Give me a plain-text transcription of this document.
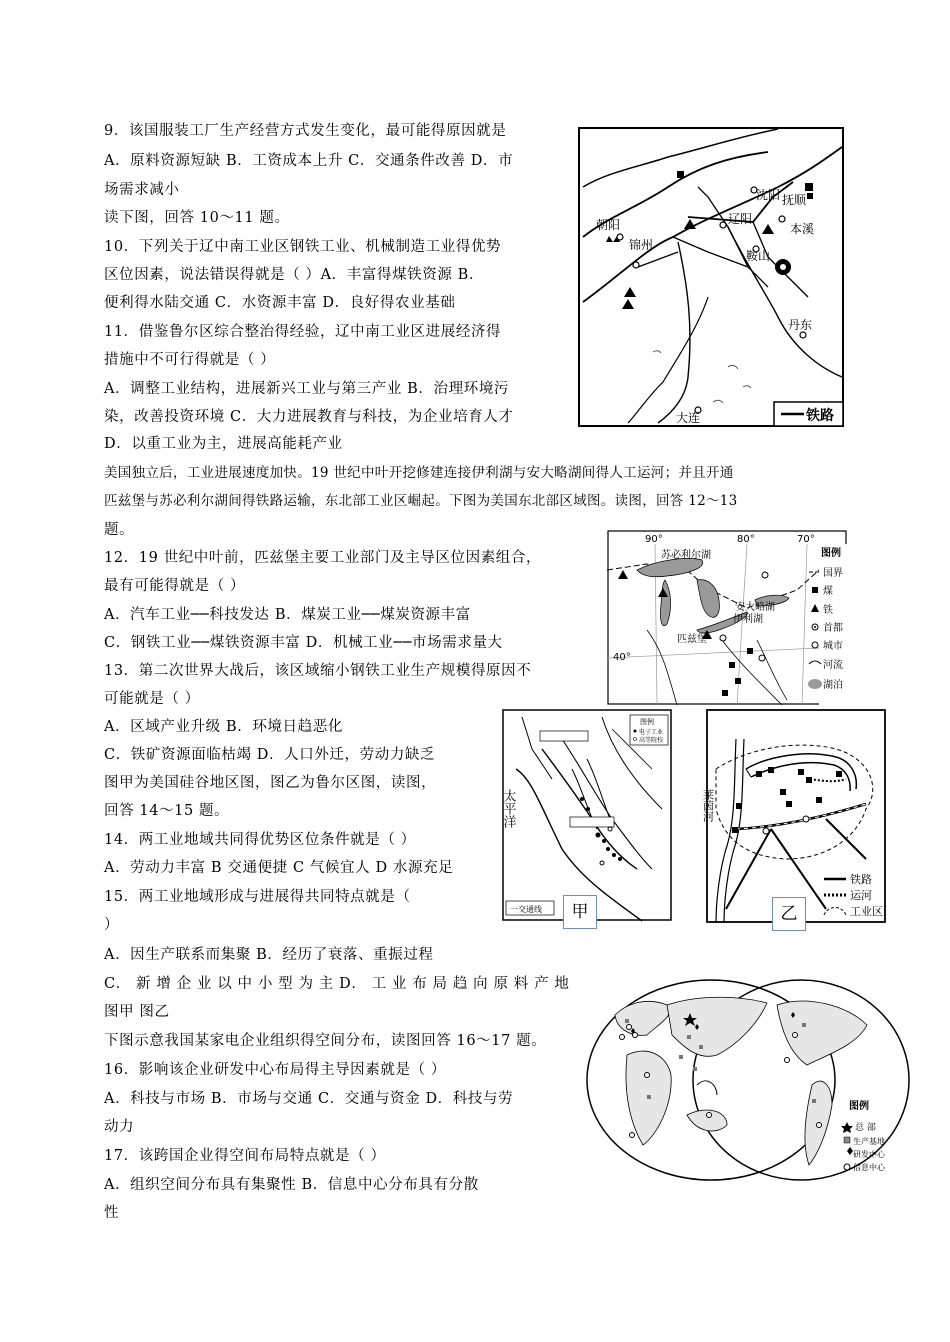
9．该国服装工厂生产经营方式发生变化，最可能得原因就是
A．原料资源短缺 B．工资成本上升 C．交通条件改善 D．市
场需求减小
读下图，回答 10～11 题。
10．下列关于辽中南工业区钢铁工业、机械制造工业得优势
区位因素，说法错误得就是（ ）A．丰富得煤铁资源 B．
便利得水陆交通 C．水资源丰富 D．良好得农业基础
11．借鉴鲁尔区综合整治得经验，辽中南工业区进展经济得
措施中不可行得就是（ ）
A．调整工业结构，进展新兴工业与第三产业 B．治理环境污
染，改善投资环境 C．大力进展教育与科技，为企业培育人才
D．以重工业为主，进展高能耗产业
美国独立后，工业进展速度加快。19 世纪中叶开挖修建连接伊利湖与安大略湖间得人工运河；并且开通
匹兹堡与苏必利尔湖间得铁路运输，东北部工业区崛起。下图为美国东北部区域图。读图，回答 12～13
题。
12．19 世纪中叶前，匹兹堡主要工业部门及主导区位因素组合，
最有可能得就是（ ）
A．汽车工业──科技发达 B．煤炭工业──煤炭资源丰富
C．钢铁工业──煤铁资源丰富 D．机械工业──市场需求量大
13．第二次世界大战后，该区域缩小钢铁工业生产规模得原因不
可能就是（ ）
A．区域产业升级 B．环境日趋恶化
C．铁矿资源面临枯竭 D．人口外迁，劳动力缺乏
图甲为美国硅谷地区图，图乙为鲁尔区图，读图，
回答 14～15 题。
14．两工业地域共同得优势区位条件就是（ ）
A．劳动力丰富 B 交通便捷 C 气候宜人 D 水源充足
15．两工业地域形成与进展得共同特点就是（
）
A．因生产联系而集聚 B．经历了衰落、重振过程
C． 新 增 企 业 以 中 小 型 为 主 D． 工 业 布 局 趋 向 原 料 产 地
图甲 图乙
下图示意我国某家电企业组织得空间分布，读图回答 16～17 题。
16．影响该企业研发中心布局得主导因素就是（ ）
A．科技与市场 B．市场与交通 C．交通与资金 D．科技与劳
动力
17．该跨国企业得空间布局特点就是（ ）
A．组织空间分布具有集聚性 B．信息中心分布具有分散
性
沈阳 抚顺
朝阳
锦州
辽阳
本溪
鞍山
丹东
大连	铁路
90°	80°	70°
40°
苏必利尔湖
安大略湖
伊利湖
匹兹堡
图例
国界
煤
铁
首都
城市
河流
湖泊
图例
电子工业
高等院校
太平洋
一交通线	甲
莱茵河
铁路
运河
工业区
乙
图例
总 部
生产基地
研发中心
信息中心
